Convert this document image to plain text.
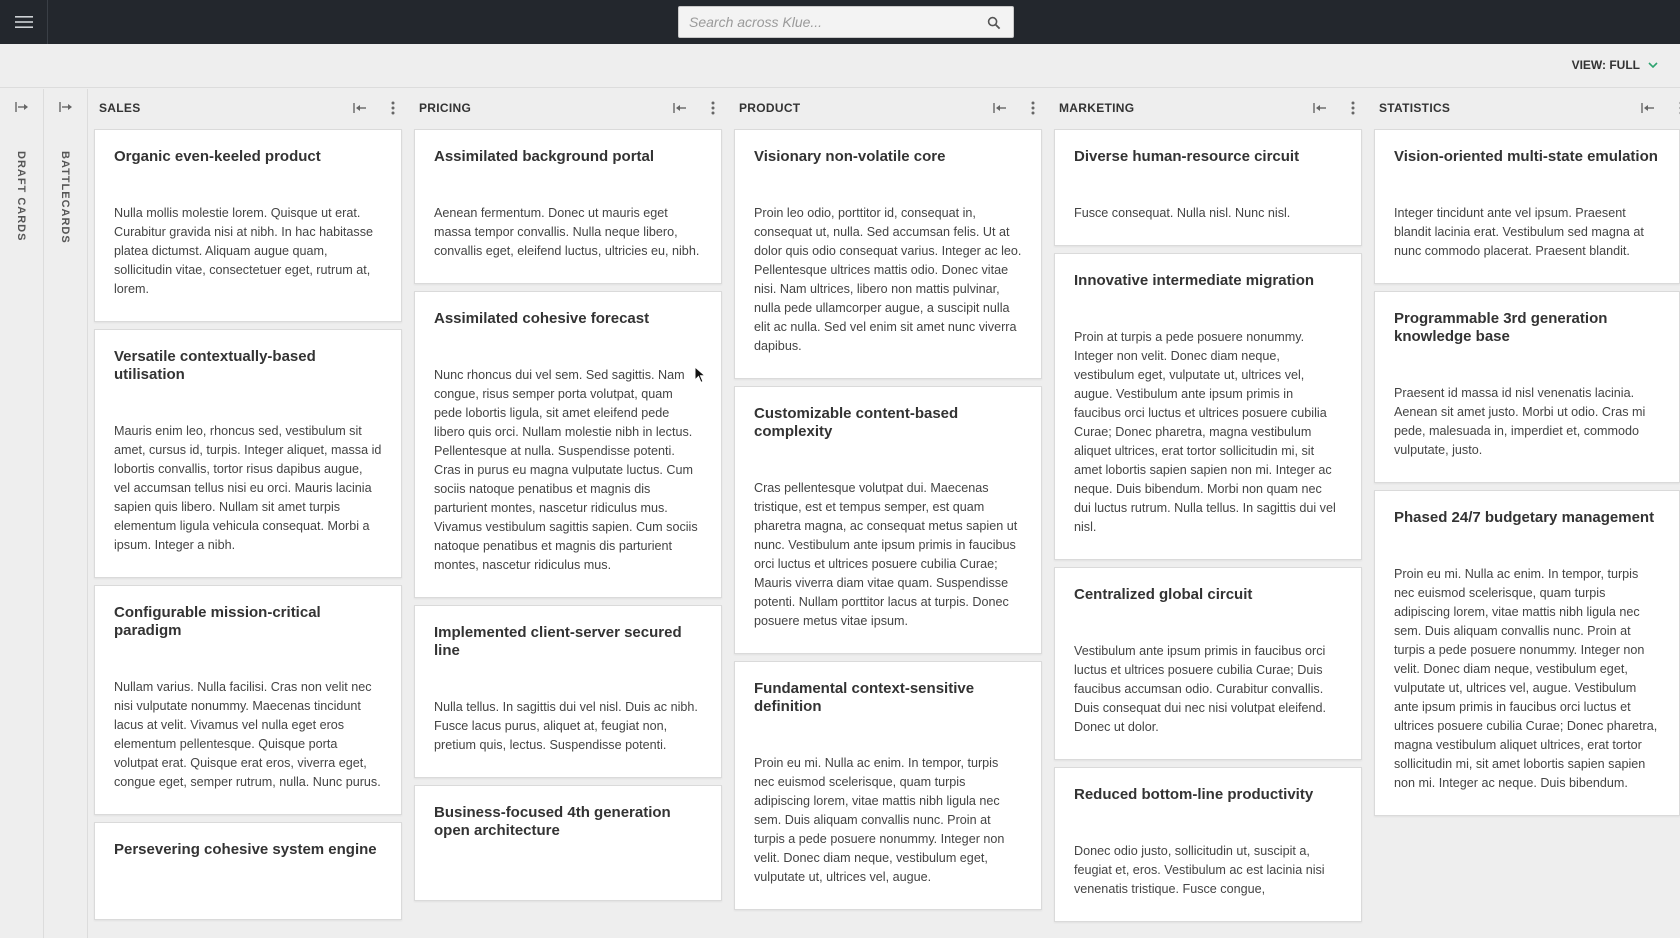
Search across Klue...
VIEW: FULL
DRAFT CARDS	BATTLECARDS
SALES
Organic even-keeled product
Nulla mollis molestie lorem. Quisque ut erat. Curabitur gravida nisi at nibh. In hac habitasse platea dictumst. Aliquam augue quam, sollicitudin vitae, consectetuer eget, rutrum at, lorem.
Versatile contextually-based utilisation
Mauris enim leo, rhoncus sed, vestibulum sit amet, cursus id, turpis. Integer aliquet, massa id lobortis convallis, tortor risus dapibus augue, vel accumsan tellus nisi eu orci. Mauris lacinia sapien quis libero. Nullam sit amet turpis elementum ligula vehicula consequat. Morbi a ipsum. Integer a nibh.
Configurable mission-critical paradigm
Nullam varius. Nulla facilisi. Cras non velit nec nisi vulputate nonummy. Maecenas tincidunt lacus at velit. Vivamus vel nulla eget eros elementum pellentesque. Quisque porta volutpat erat. Quisque erat eros, viverra eget, congue eget, semper rutrum, nulla. Nunc purus.
Persevering cohesive system engine
PRICING
Assimilated background portal
Aenean fermentum. Donec ut mauris eget massa tempor convallis. Nulla neque libero, convallis eget, eleifend luctus, ultricies eu, nibh.
Assimilated cohesive forecast
Nunc rhoncus dui vel sem. Sed sagittis. Nam congue, risus semper porta volutpat, quam pede lobortis ligula, sit amet eleifend pede libero quis orci. Nullam molestie nibh in lectus. Pellentesque at nulla. Suspendisse potenti. Cras in purus eu magna vulputate luctus. Cum sociis natoque penatibus et magnis dis parturient montes, nascetur ridiculus mus. Vivamus vestibulum sagittis sapien. Cum sociis natoque penatibus et magnis dis parturient montes, nascetur ridiculus mus.
Implemented client-server secured line
Nulla tellus. In sagittis dui vel nisl. Duis ac nibh. Fusce lacus purus, aliquet at, feugiat non, pretium quis, lectus. Suspendisse potenti.
Business-focused 4th generation open architecture
PRODUCT
Visionary non-volatile core
Proin leo odio, porttitor id, consequat in, consequat ut, nulla. Sed accumsan felis. Ut at dolor quis odio consequat varius. Integer ac leo. Pellentesque ultrices mattis odio. Donec vitae nisi. Nam ultrices, libero non mattis pulvinar, nulla pede ullamcorper augue, a suscipit nulla elit ac nulla. Sed vel enim sit amet nunc viverra dapibus.
Customizable content-based complexity
Cras pellentesque volutpat dui. Maecenas tristique, est et tempus semper, est quam pharetra magna, ac consequat metus sapien ut nunc. Vestibulum ante ipsum primis in faucibus orci luctus et ultrices posuere cubilia Curae; Mauris viverra diam vitae quam. Suspendisse potenti. Nullam porttitor lacus at turpis. Donec posuere metus vitae ipsum.
Fundamental context-sensitive definition
Proin eu mi. Nulla ac enim. In tempor, turpis nec euismod scelerisque, quam turpis adipiscing lorem, vitae mattis nibh ligula nec sem. Duis aliquam convallis nunc. Proin at turpis a pede posuere nonummy. Integer non velit. Donec diam neque, vestibulum eget, vulputate ut, ultrices vel, augue.
MARKETING
Diverse human-resource circuit
Fusce consequat. Nulla nisl. Nunc nisl.
Innovative intermediate migration
Proin at turpis a pede posuere nonummy. Integer non velit. Donec diam neque, vestibulum eget, vulputate ut, ultrices vel, augue. Vestibulum ante ipsum primis in faucibus orci luctus et ultrices posuere cubilia Curae; Donec pharetra, magna vestibulum aliquet ultrices, erat tortor sollicitudin mi, sit amet lobortis sapien sapien non mi. Integer ac neque. Duis bibendum. Morbi non quam nec dui luctus rutrum. Nulla tellus. In sagittis dui vel nisl.
Centralized global circuit
Vestibulum ante ipsum primis in faucibus orci luctus et ultrices posuere cubilia Curae; Duis faucibus accumsan odio. Curabitur convallis. Duis consequat dui nec nisi volutpat eleifend. Donec ut dolor.
Reduced bottom-line productivity
Donec odio justo, sollicitudin ut, suscipit a, feugiat et, eros. Vestibulum ac est lacinia nisi venenatis tristique. Fusce congue,
STATISTICS
Vision-oriented multi-state emulation
Integer tincidunt ante vel ipsum. Praesent blandit lacinia erat. Vestibulum sed magna at nunc commodo placerat. Praesent blandit.
Programmable 3rd generation knowledge base
Praesent id massa id nisl venenatis lacinia. Aenean sit amet justo. Morbi ut odio. Cras mi pede, malesuada in, imperdiet et, commodo vulputate, justo.
Phased 24/7 budgetary management
Proin eu mi. Nulla ac enim. In tempor, turpis nec euismod scelerisque, quam turpis adipiscing lorem, vitae mattis nibh ligula nec sem. Duis aliquam convallis nunc. Proin at turpis a pede posuere nonummy. Integer non velit. Donec diam neque, vestibulum eget, vulputate ut, ultrices vel, augue. Vestibulum ante ipsum primis in faucibus orci luctus et ultrices posuere cubilia Curae; Donec pharetra, magna vestibulum aliquet ultrices, erat tortor sollicitudin mi, sit amet lobortis sapien sapien non mi. Integer ac neque. Duis bibendum.
